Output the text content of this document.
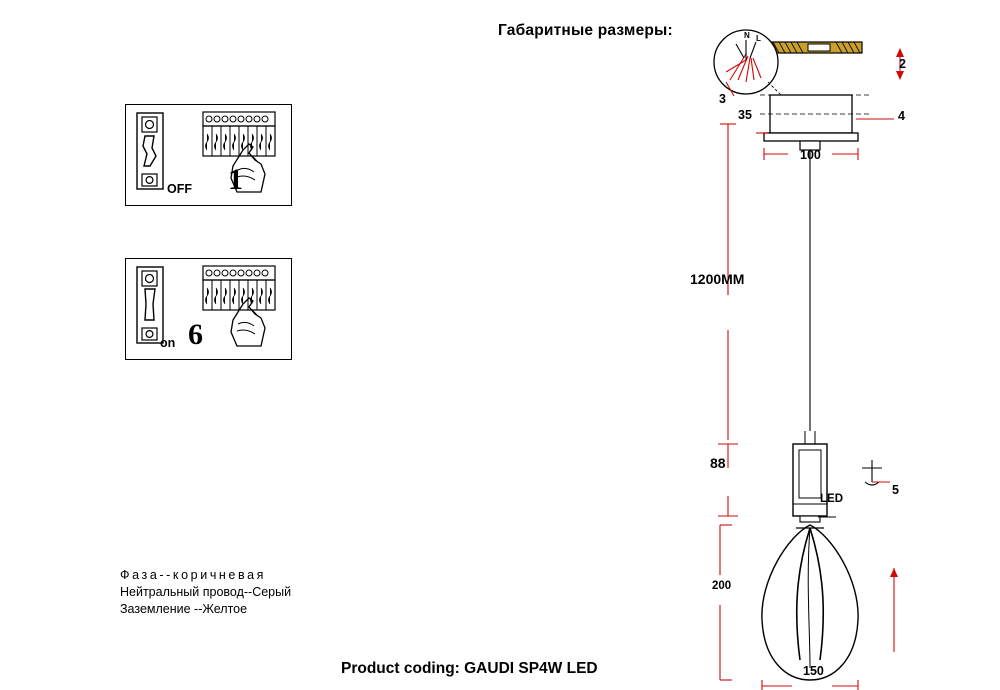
Габаритные размеры:
OFF 1
on 6
Фаза--коричневая
Нейтральный провод--Серый
Заземление --Желтое
Product coding: GAUDI SP4W LED
N L
1200MM
88
200
150
100
35
2
3
4
5
LED
